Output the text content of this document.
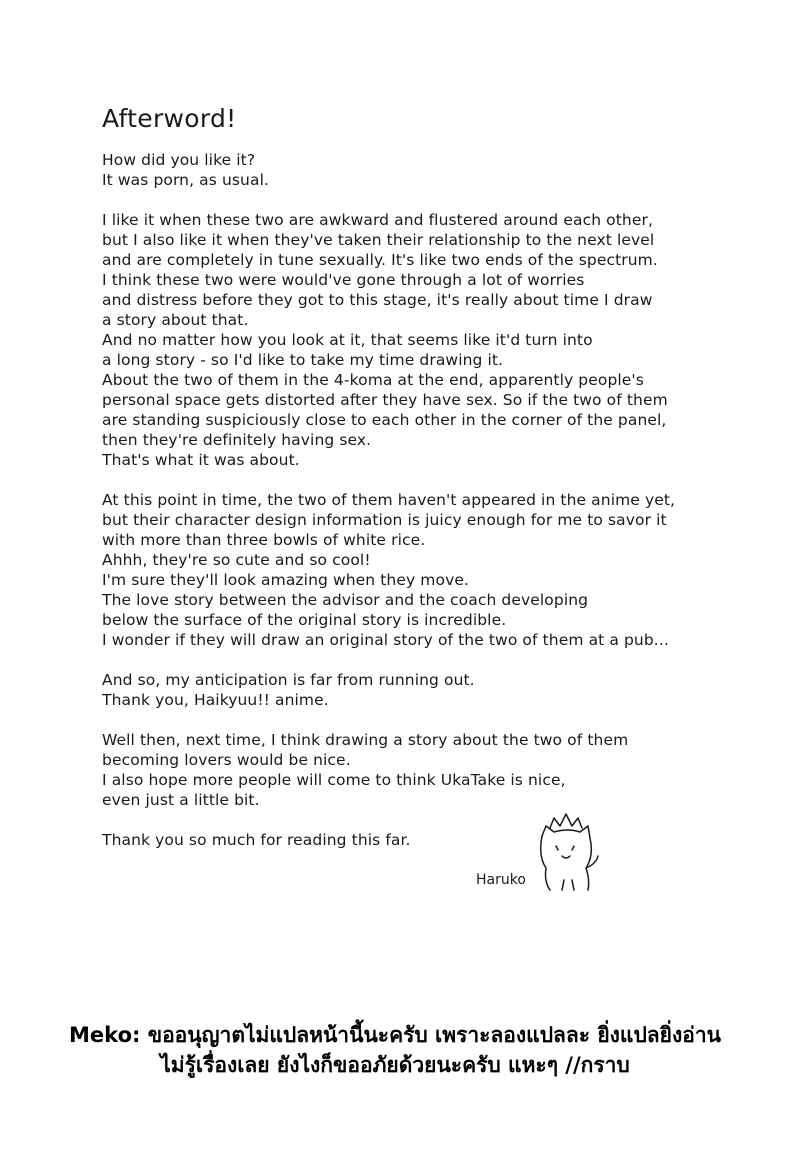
Afterword!

How did you like it?
It was porn, as usual.

I like it when these two are awkward and flustered around each other,
but I also like it when they've taken their relationship to the next level
and are completely in tune sexually. It's like two ends of the spectrum.
I think these two were would've gone through a lot of worries
and distress before they got to this stage, it's really about time I draw
a story about that.
And no matter how you look at it, that seems like it'd turn into
a long story - so I'd like to take my time drawing it.
About the two of them in the 4-koma at the end, apparently people's
personal space gets distorted after they have sex. So if the two of them
are standing suspiciously close to each other in the corner of the panel,
then they're definitely having sex.
That's what it was about.

At this point in time, the two of them haven't appeared in the anime yet,
but their character design information is juicy enough for me to savor it
with more than three bowls of white rice.
Ahhh, they're so cute and so cool!
I'm sure they'll look amazing when they move.
The love story between the advisor and the coach developing
below the surface of the original story is incredible.
I wonder if they will draw an original story of the two of them at a pub...

And so, my anticipation is far from running out.
Thank you, Haikyuu!! anime.

Well then, next time, I think drawing a story about the two of them
becoming lovers would be nice.
I also hope more people will come to think UkaTake is nice,
even just a little bit.

Thank you so much for reading this far.

Haruko
Meko: ขออนุญาตไม่แปลหน้านี้นะครับ เพราะลองแปลละ ยิ่งแปลยิ่งอ่าน
ไม่รู้เรื่องเลย ยังไงก็ขออภัยด้วยนะครับ แหะๆ //กราบ
